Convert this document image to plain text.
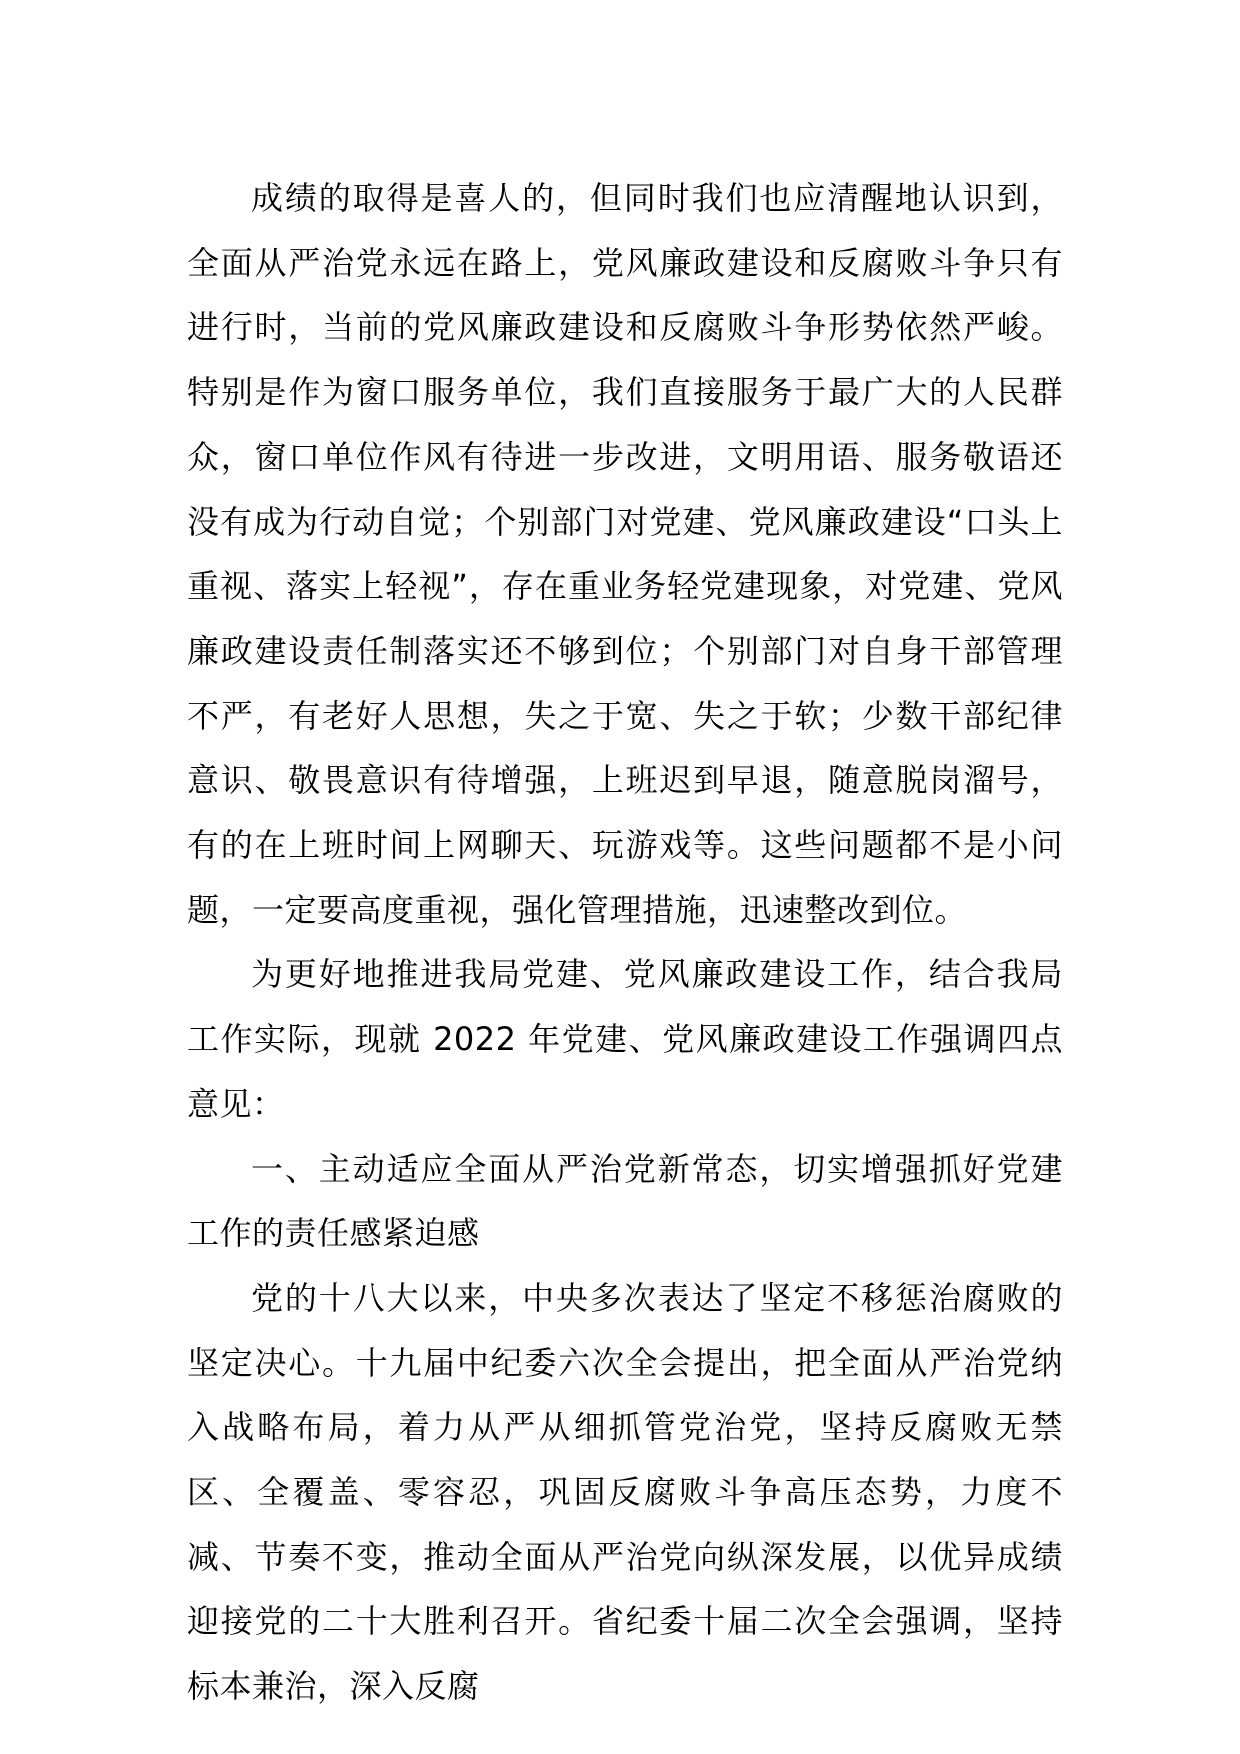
成绩的取得是喜人的，但同时我们也应清醒地认识到，全面从严治党永远在路上，党风廉政建设和反腐败斗争只有进行时，当前的党风廉政建设和反腐败斗争形势依然严峻。特别是作为窗口服务单位，我们直接服务于最广大的人民群众，窗口单位作风有待进一步改进，文明用语、服务敬语还没有成为行动自觉；个别部门对党建、党风廉政建设“口头上重视、落实上轻视”，存在重业务轻党建现象，对党建、党风廉政建设责任制落实还不够到位；个别部门对自身干部管理不严，有老好人思想，失之于宽、失之于软；少数干部纪律意识、敬畏意识有待增强，上班迟到早退，随意脱岗溜号，有的在上班时间上网聊天、玩游戏等。这些问题都不是小问题，一定要高度重视，强化管理措施，迅速整改到位。

为更好地推进我局党建、党风廉政建设工作，结合我局工作实际，现就 2022 年党建、党风廉政建设工作强调四点意见：

一、主动适应全面从严治党新常态，切实增强抓好党建工作的责任感紧迫感

党的十八大以来，中央多次表达了坚定不移惩治腐败的坚定决心。十九届中纪委六次全会提出，把全面从严治党纳入战略布局，着力从严从细抓管党治党，坚持反腐败无禁区、全覆盖、零容忍，巩固反腐败斗争高压态势，力度不减、节奏不变，推动全面从严治党向纵深发展，以优异成绩迎接党的二十大胜利召开。省纪委十届二次全会强调，坚持标本兼治，深入反腐
